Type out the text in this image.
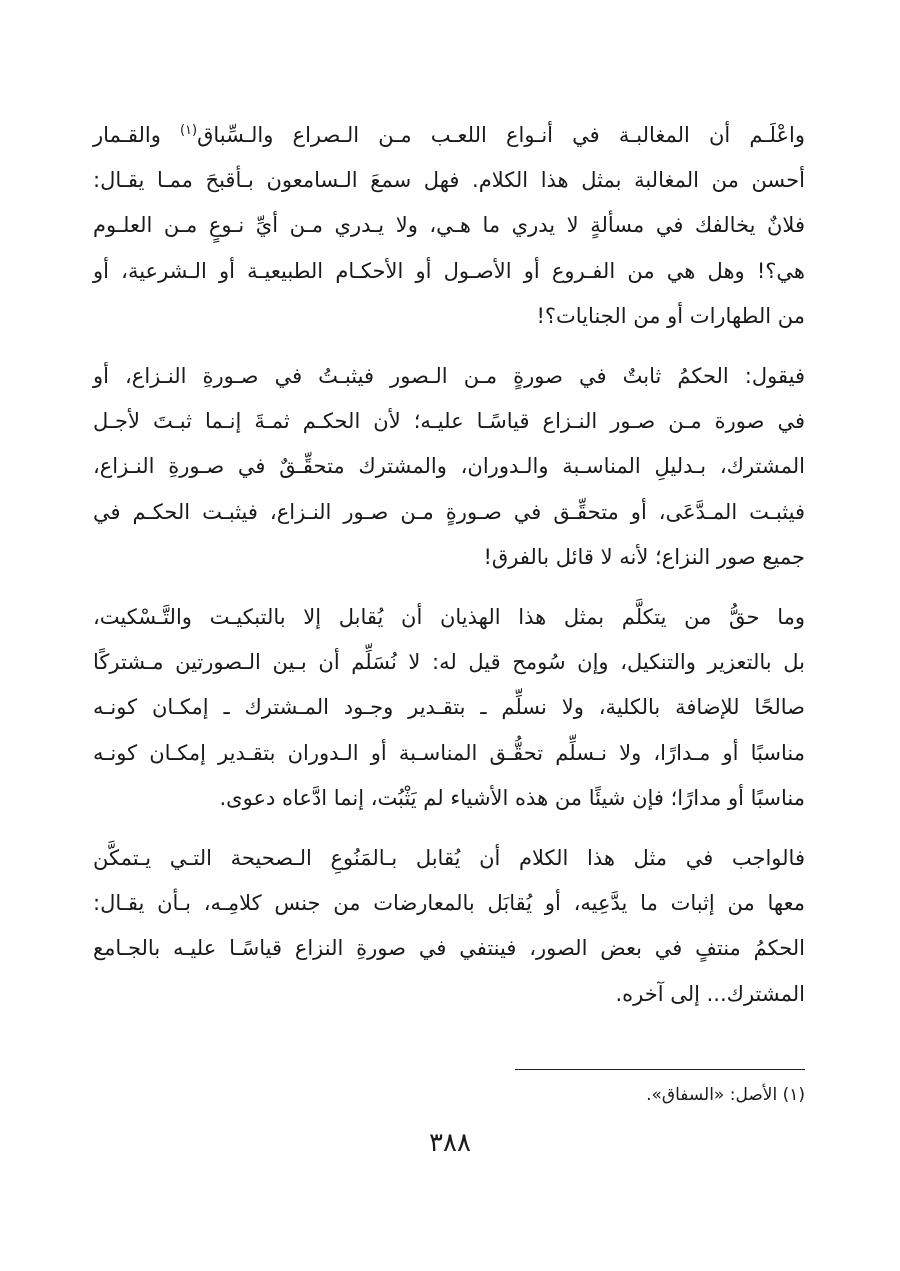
واعْلَـم أن المغالبـة في أنـواع اللعـب مـن الـصراع والـسِّباق$^{(١)}$ والقـمار
أحسن من المغالبة بمثل هذا الكلام. فهل سمعَ الـسامعون بـأقبحَ ممـا يقـال:
فلانٌ يخالفك في مسألةٍ لا يدري ما هـي، ولا يـدري مـن أيِّ نـوعٍ مـن العلـوم
هي؟! وهل هي من الفـروع أو الأصـول أو الأحكـام الطبيعيـة أو الـشرعية، أو
من الطهارات أو من الجنايات؟!

فيقول: الحكمُ ثابتٌ في صورةٍ مـن الـصور فيثبـتُ في صـورةِ النـزاع، أو
في صورة مـن صـور النـزاع قياسًـا عليـه؛ لأن الحكـم ثمـةَ إنـما ثبـتَ لأجـل
المشترك، بـدليلِ المناسـبة والـدوران، والمشترك متحقِّـقٌ في صـورةِ النـزاع،
فيثبـت المـدَّعَى، أو متحقِّـق في صـورةٍ مـن صـور النـزاع، فيثبـت الحكـم في
جميع صور النزاع؛ لأنه لا قائل بالفرق!

وما حقُّ من يتكلَّم بمثل هذا الهذيان أن يُقابل إلا بالتبكيـت والتَّـسْكيت،
بل بالتعزير والتنكيل، وإن سُومح قيل له: لا نُسَلِّم أن بـين الـصورتين مـشتركًا
صالحًا للإضافة بالكلية، ولا نسلِّم ـ بتقـدير وجـود المـشترك ـ إمكـان كونـه
مناسبًا أو مـدارًا، ولا نـسلِّم تحقُّـق المناسـبة أو الـدوران بتقـدير إمكـان كونـه
مناسبًا أو مدارًا؛ فإن شيئًا من هذه الأشياء لم يَثْبُت، إنما ادَّعاه دعوى.

فالواجب في مثل هذا الكلام أن يُقابل بـالمَنُوعِ الـصحيحة التـي يـتمكَّن
معها من إثبات ما يدَّعِيه، أو يُقابَل بالمعارضات من جنس كلامِـه، بـأن يقـال:
الحكمُ منتفٍ في بعض الصور، فينتفي في صورةِ النزاع قياسًـا عليـه بالجـامع
المشترك... إلى آخره.

(١) الأصل: «السفاق».
٣٨٨
